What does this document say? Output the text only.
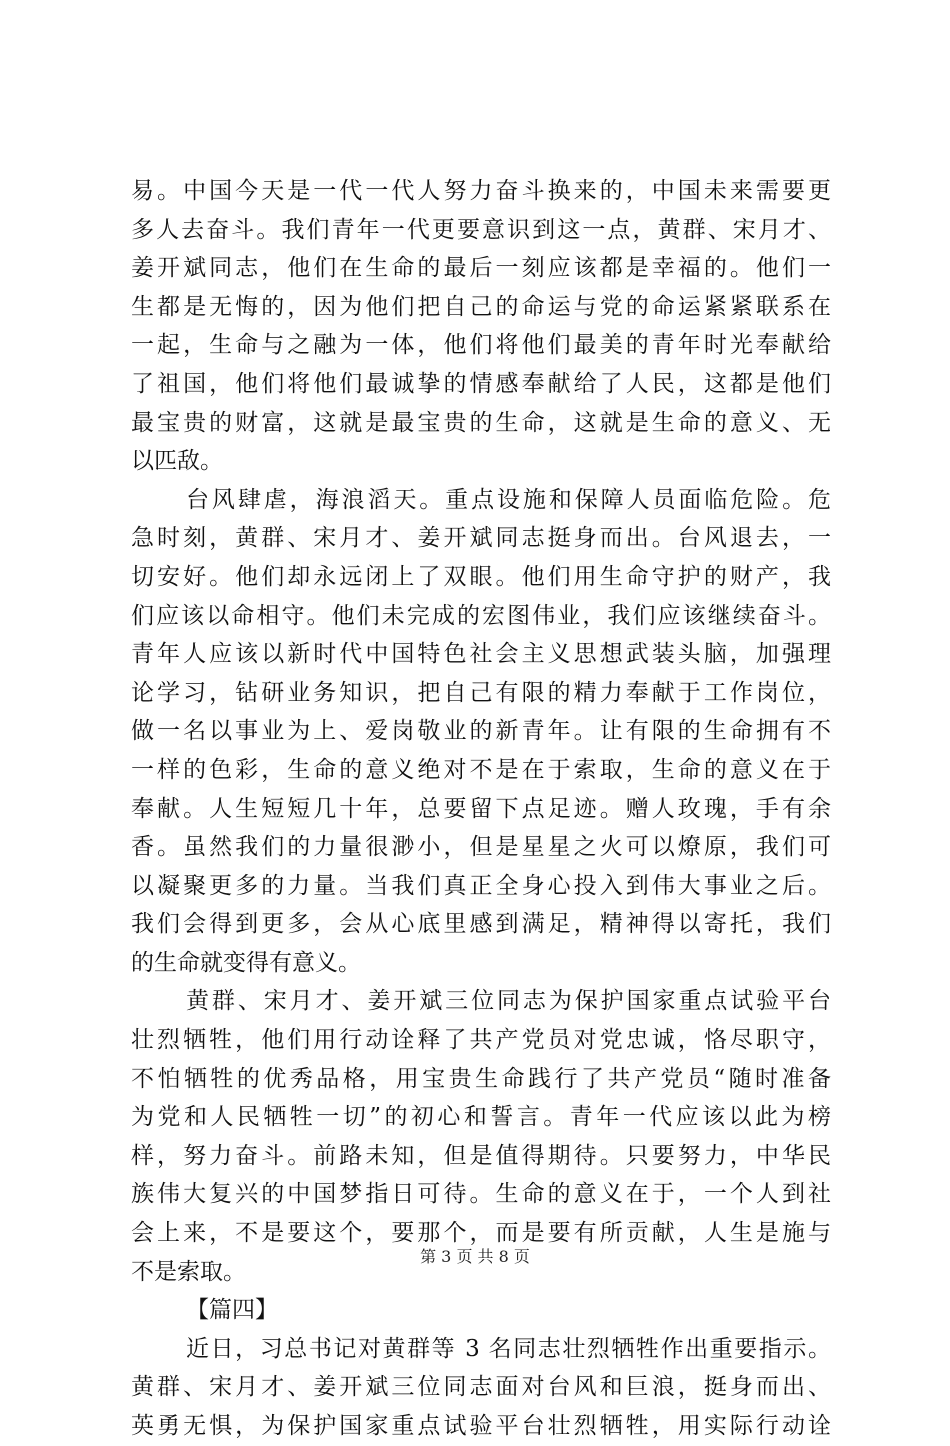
易。中国今天是一代一代人努力奋斗换来的，中国未来需要更
多人去奋斗。我们青年一代更要意识到这一点，黄群、宋月才、
姜开斌同志，他们在生命的最后一刻应该都是幸福的。他们一
生都是无悔的，因为他们把自己的命运与党的命运紧紧联系在
一起，生命与之融为一体，他们将他们最美的青年时光奉献给
了祖国，他们将他们最诚挚的情感奉献给了人民，这都是他们
最宝贵的财富，这就是最宝贵的生命，这就是生命的意义、无
以匹敌。
台风肆虐，海浪滔天。重点设施和保障人员面临危险。危
急时刻，黄群、宋月才、姜开斌同志挺身而出。台风退去，一
切安好。他们却永远闭上了双眼。他们用生命守护的财产，我
们应该以命相守。他们未完成的宏图伟业，我们应该继续奋斗。
青年人应该以新时代中国特色社会主义思想武装头脑，加强理
论学习，钻研业务知识，把自己有限的精力奉献于工作岗位，
做一名以事业为上、爱岗敬业的新青年。让有限的生命拥有不
一样的色彩，生命的意义绝对不是在于索取，生命的意义在于
奉献。人生短短几十年，总要留下点足迹。赠人玫瑰，手有余
香。虽然我们的力量很渺小，但是星星之火可以燎原，我们可
以凝聚更多的力量。当我们真正全身心投入到伟大事业之后。
我们会得到更多，会从心底里感到满足，精神得以寄托，我们
的生命就变得有意义。
黄群、宋月才、姜开斌三位同志为保护国家重点试验平台
壮烈牺牲，他们用行动诠释了共产党员对党忠诚，恪尽职守，
不怕牺牲的优秀品格，用宝贵生命践行了共产党员“随时准备
为党和人民牺牲一切”的初心和誓言。青年一代应该以此为榜
样，努力奋斗。前路未知，但是值得期待。只要努力，中华民
族伟大复兴的中国梦指日可待。生命的意义在于，一个人到社
会上来，不是要这个，要那个，而是要有所贡献，人生是施与
不是索取。
【篇四】
近日，习总书记对黄群等 3 名同志壮烈牺牲作出重要指示。
黄群、宋月才、姜开斌三位同志面对台风和巨浪，挺身而出、
英勇无惧，为保护国家重点试验平台壮烈牺牲，用实际行动诠
第 3 页 共 8 页
